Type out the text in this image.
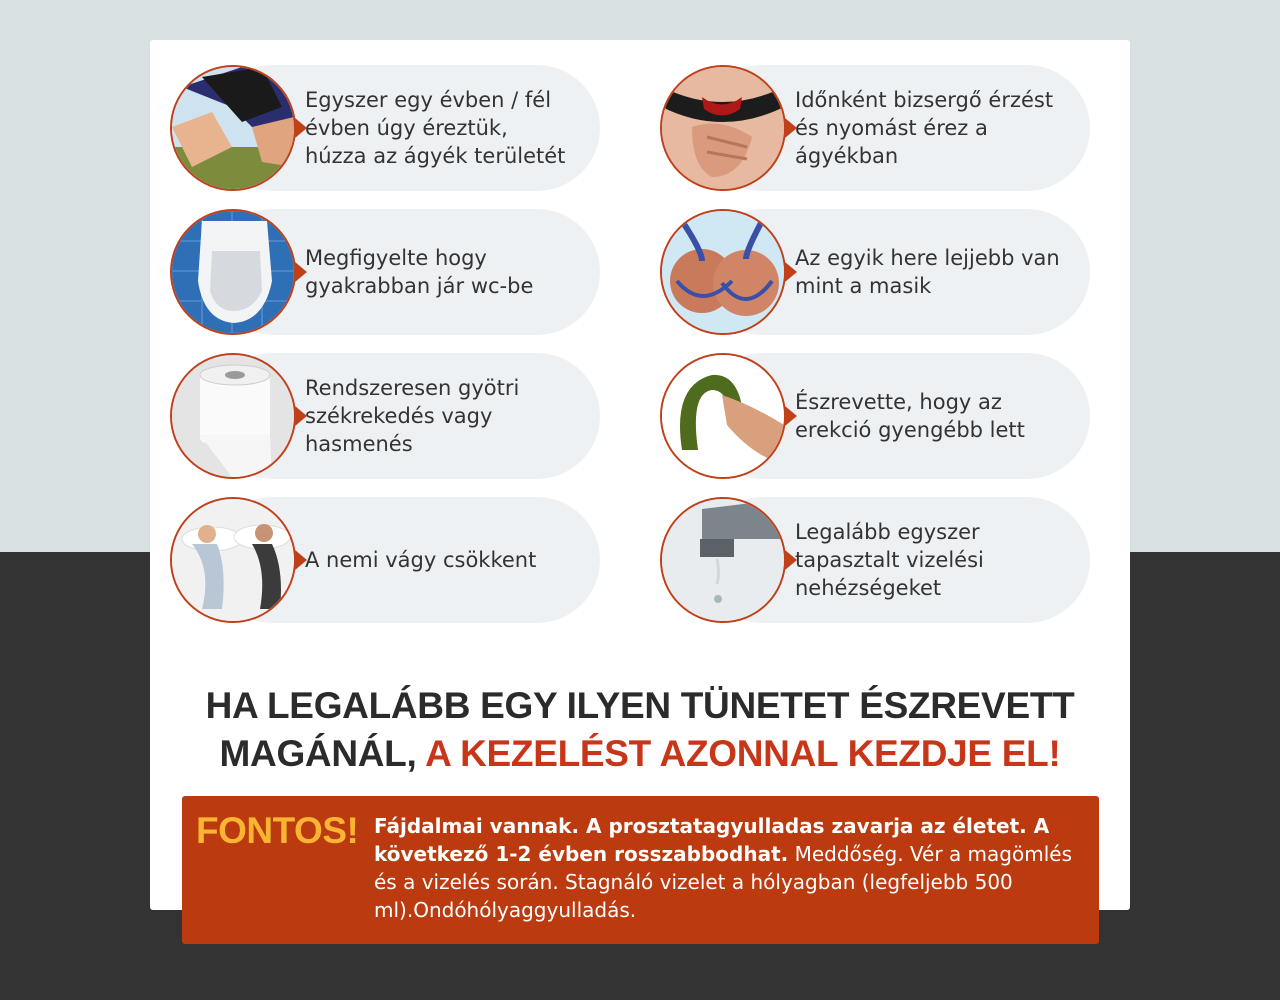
Egyszer egy évben / fél évben úgy éreztük, húzza az ágyék területét
Időnként bizsergő érzést és nyomást érez a ágyékban
Megfigyelte hogy gyakrabban jár wc-be
Az egyik here lejjebb van mint a masik
Rendszeresen gyötri székrekedés vagy hasmenés
Észrevette, hogy az erekció gyengébb lett
A nemi vágy csökkent
Legalább egyszer tapasztalt vizelési nehézségeket
HA LEGALÁBB EGY ILYEN TÜNETET ÉSZREVETT MAGÁNÁL, A KEZELÉST AZONNAL KEZDJE EL!
FONTOS! Fájdalmai vannak. A prosztatagyulladas zavarja az életet. A következő 1-2 évben rosszabbodhat. Meddőség. Vér a magömlés és a vizelés során. Stagnáló vizelet a hólyagban (legfeljebb 500 ml).Ondóhólyaggyulladás.
